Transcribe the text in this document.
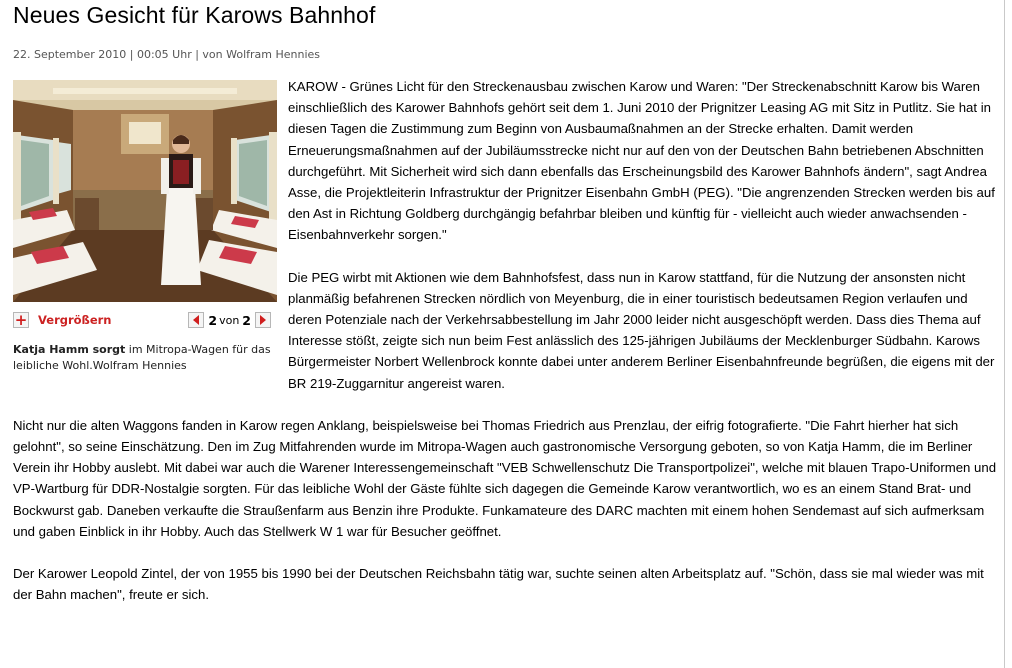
Neues Gesicht für Karows Bahnhof
22. September 2010 | 00:05 Uhr | von Wolfram Hennies
+ Vergrößern	2 von 2
Katja Hamm sorgt im Mitropa-Wagen für das leibliche Wohl.Wolfram Hennies

KAROW - Grünes Licht für den Streckenausbau zwischen Karow und Waren: "Der Streckenabschnitt Karow bis Waren einschließlich des Karower Bahnhofs gehört seit dem 1. Juni 2010 der Prignitzer Leasing AG mit Sitz in Putlitz. Sie hat in diesen Tagen die Zustimmung zum Beginn von Ausbaumaßnahmen an der Strecke erhalten. Damit werden Erneuerungsmaßnahmen auf der Jubiläumsstrecke nicht nur auf den von der Deutschen Bahn betriebenen Abschnitten durchgeführt. Mit Sicherheit wird sich dann ebenfalls das Erscheinungsbild des Karower Bahnhofs ändern", sagt Andrea Asse, die Projektleiterin Infrastruktur der Prignitzer Eisenbahn GmbH (PEG). "Die angrenzenden Strecken werden bis auf den Ast in Richtung Goldberg durchgängig befahrbar bleiben und künftig für - vielleicht auch wieder anwachsenden - Eisenbahnverkehr sorgen."

Die PEG wirbt mit Aktionen wie dem Bahnhofsfest, dass nun in Karow stattfand, für die Nutzung der ansonsten nicht planmäßig befahrenen Strecken nördlich von Meyenburg, die in einer touristisch bedeutsamen Region verlaufen und deren Potenziale nach der Verkehrsabbestellung im Jahr 2000 leider nicht ausgeschöpft werden. Dass dies Thema auf Interesse stößt, zeigte sich nun beim Fest anlässlich des 125-jährigen Jubiläums der Mecklenburger Südbahn. Karows Bürgermeister Norbert Wellenbrock konnte dabei unter anderem Berliner Eisenbahnfreunde begrüßen, die eigens mit der BR 219-Zuggarnitur angereist waren.

Nicht nur die alten Waggons fanden in Karow regen Anklang, beispielsweise bei Thomas Friedrich aus Prenzlau, der eifrig fotografierte. "Die Fahrt hierher hat sich gelohnt", so seine Einschätzung. Den im Zug Mitfahrenden wurde im Mitropa-Wagen auch gastronomische Versorgung geboten, so von Katja Hamm, die im Berliner Verein ihr Hobby auslebt. Mit dabei war auch die Warener Interessengemeinschaft "VEB Schwellenschutz Die Transportpolizei", welche mit blauen Trapo-Uniformen und VP-Wartburg für DDR-Nostalgie sorgten. Für das leibliche Wohl der Gäste fühlte sich dagegen die Gemeinde Karow verantwortlich, wo es an einem Stand Brat- und Bockwurst gab. Daneben verkaufte die Straußenfarm aus Benzin ihre Produkte. Funkamateure des DARC machten mit einem hohen Sendemast auf sich aufmerksam und gaben Einblick in ihr Hobby. Auch das Stellwerk W 1 war für Besucher geöffnet.

Der Karower Leopold Zintel, der von 1955 bis 1990 bei der Deutschen Reichsbahn tätig war, suchte seinen alten Arbeitsplatz auf. "Schön, dass sie mal wieder was mit der Bahn machen", freute er sich.
